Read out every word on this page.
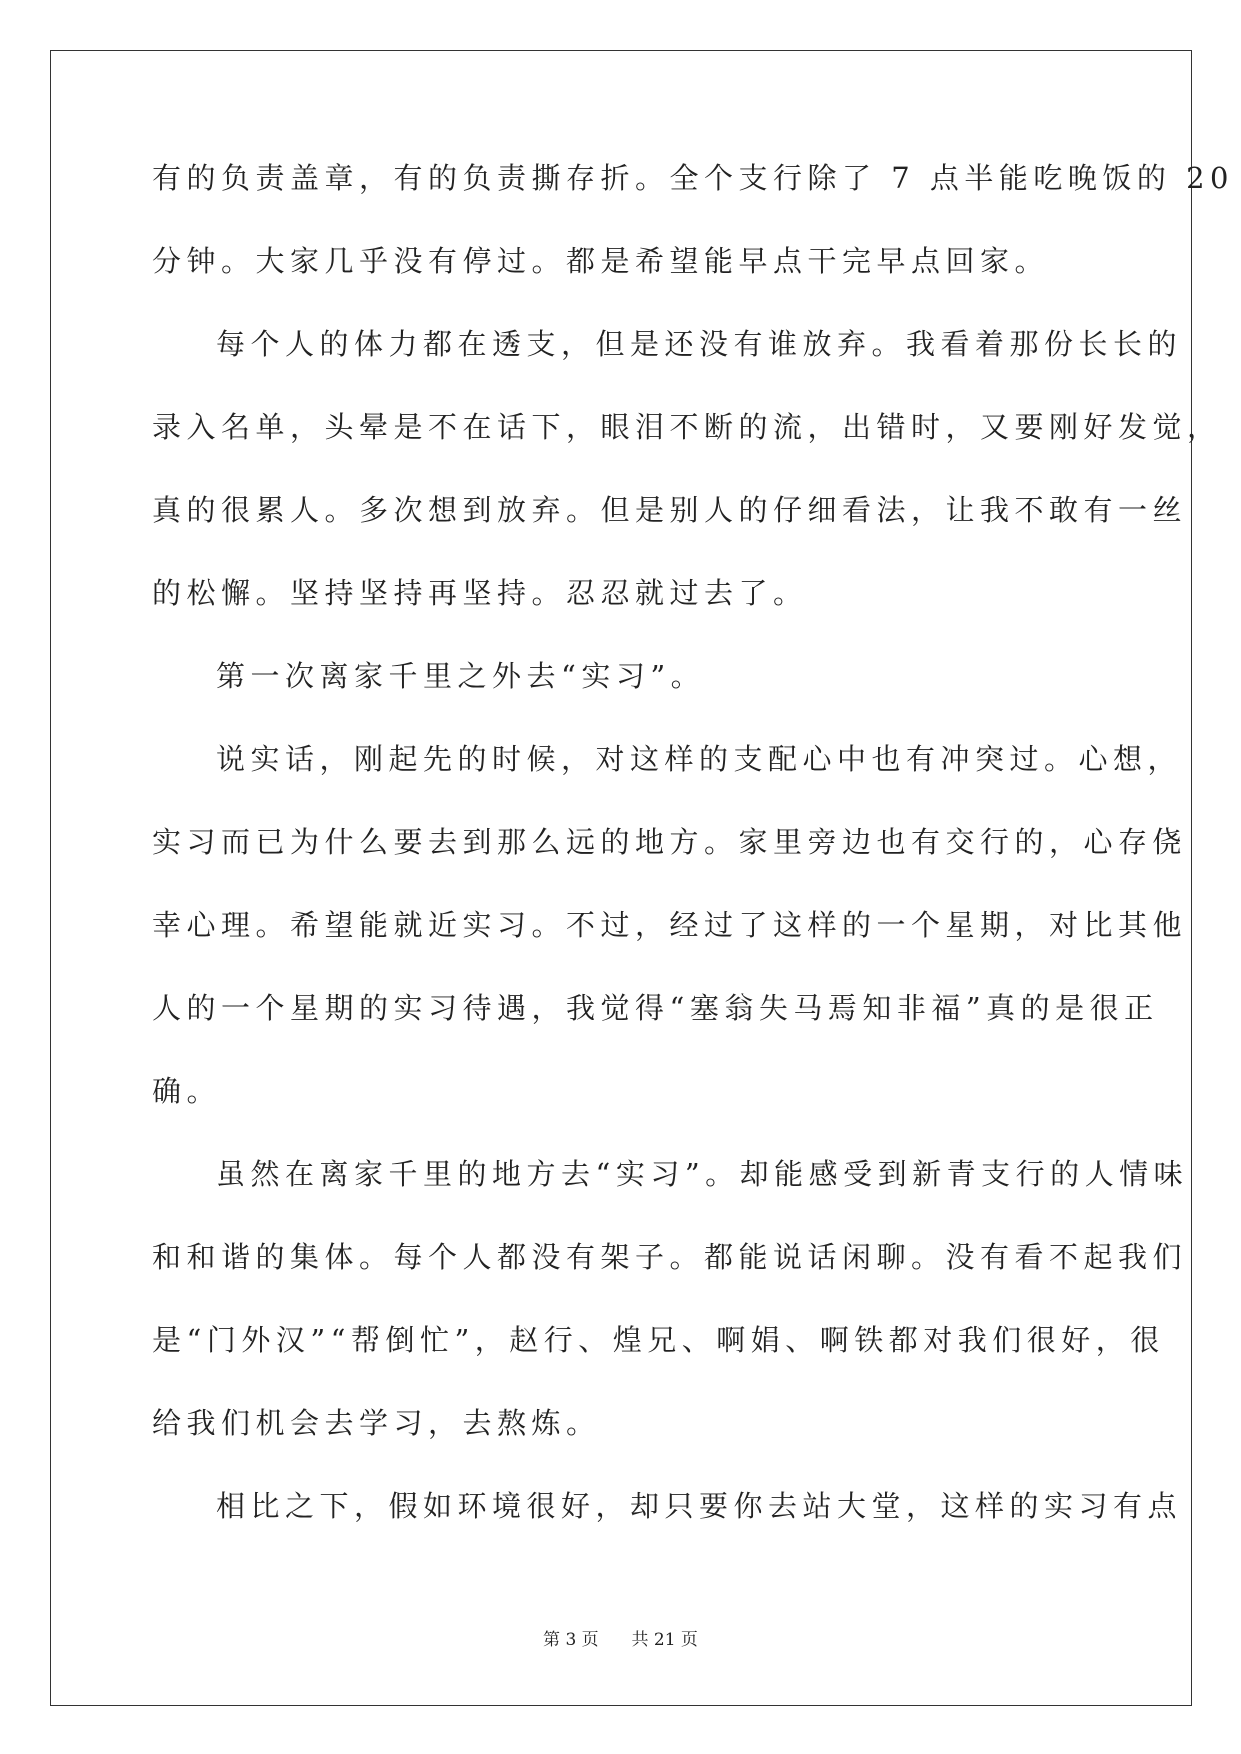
有的负责盖章，有的负责撕存折。全个支行除了 7 点半能吃晚饭的 20
分钟。大家几乎没有停过。都是希望能早点干完早点回家。
每个人的体力都在透支，但是还没有谁放弃。我看着那份长长的
录入名单，头晕是不在话下，眼泪不断的流，出错时，又要刚好发觉，
真的很累人。多次想到放弃。但是别人的仔细看法，让我不敢有一丝
的松懈。坚持坚持再坚持。忍忍就过去了。
第一次离家千里之外去“实习”。
说实话，刚起先的时候，对这样的支配心中也有冲突过。心想，
实习而已为什么要去到那么远的地方。家里旁边也有交行的，心存侥
幸心理。希望能就近实习。不过，经过了这样的一个星期，对比其他
人的一个星期的实习待遇，我觉得“塞翁失马焉知非福”真的是很正
确。
虽然在离家千里的地方去“实习”。却能感受到新青支行的人情味
和和谐的集体。每个人都没有架子。都能说话闲聊。没有看不起我们
是“门外汉”“帮倒忙”，赵行、煌兄、啊娟、啊铁都对我们很好，很
给我们机会去学习，去熬炼。
相比之下，假如环境很好，却只要你去站大堂，这样的实习有点
第 3 页 共 21 页
